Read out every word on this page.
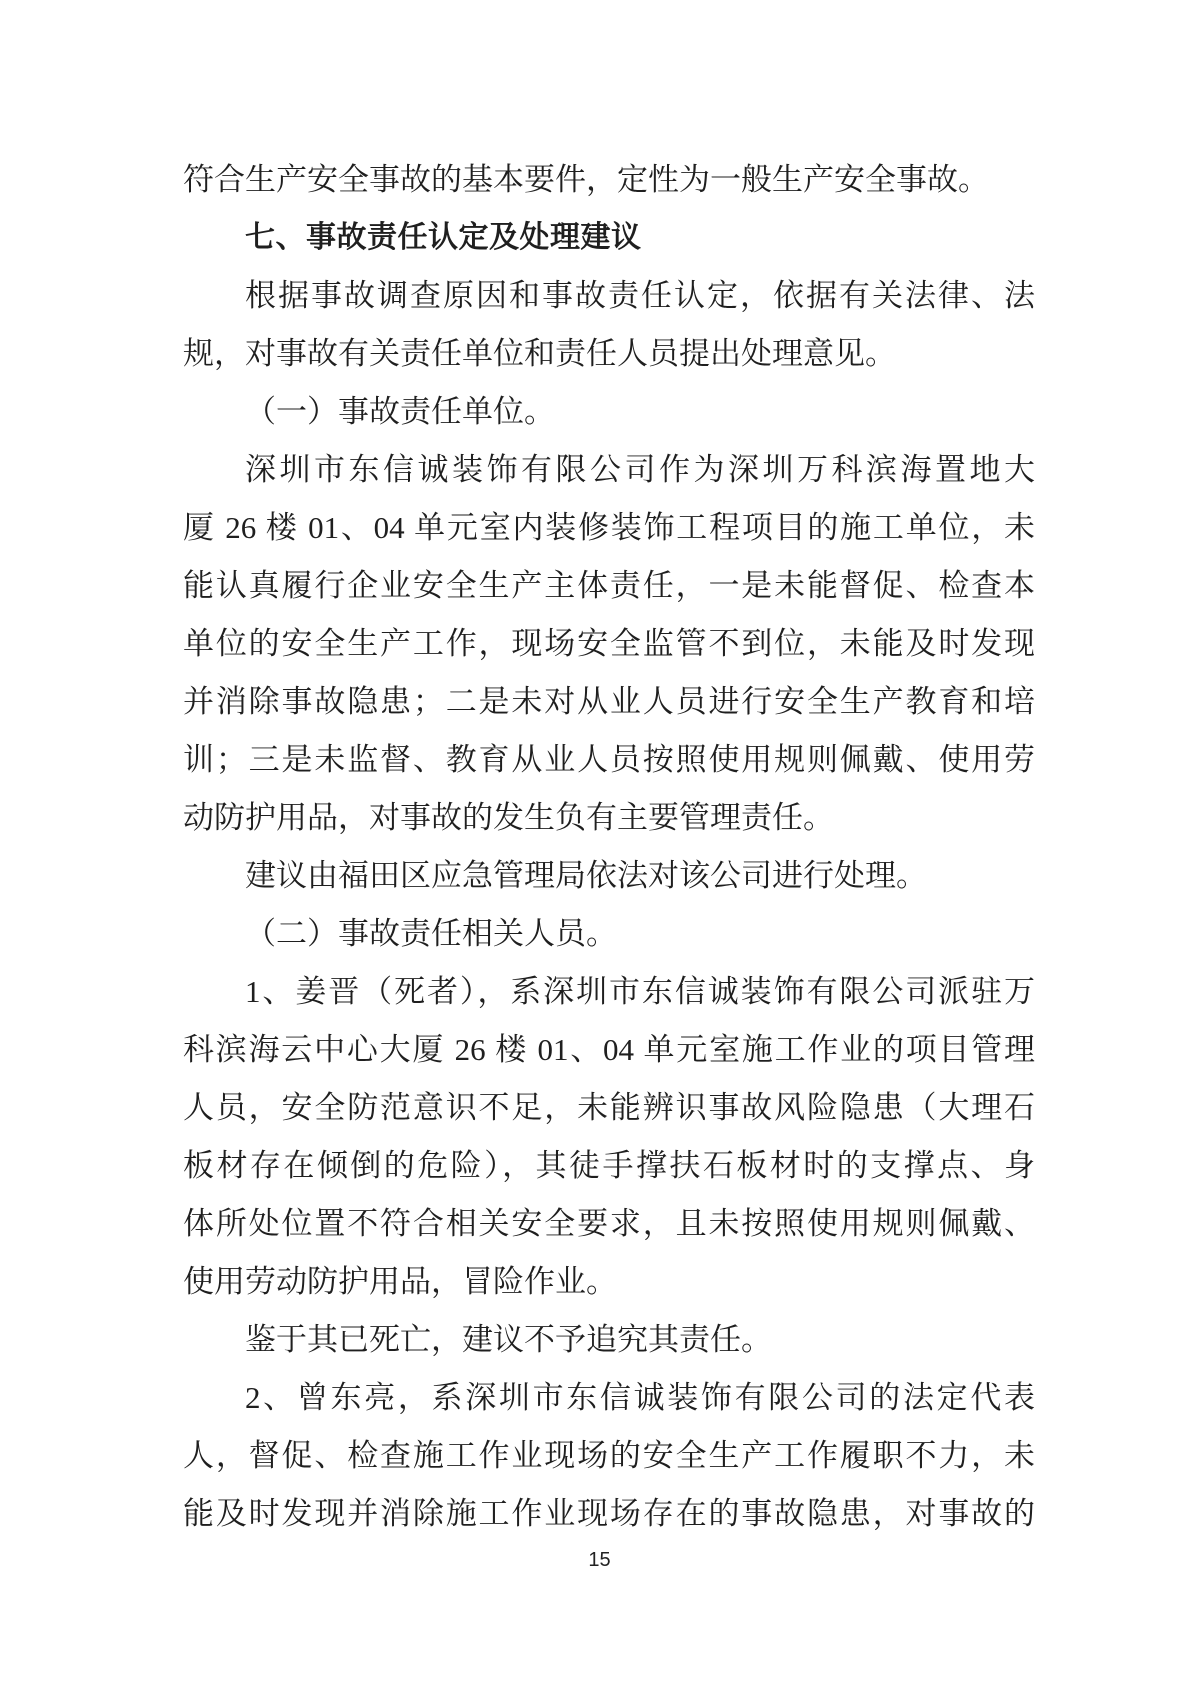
符合生产安全事故的基本要件，定性为一般生产安全事故。
七、事故责任认定及处理建议
根据事故调查原因和事故责任认定，依据有关法律、法
规，对事故有关责任单位和责任人员提出处理意见。
（一）事故责任单位。
深圳市东信诚装饰有限公司作为深圳万科滨海置地大
厦 26 楼 01、04 单元室内装修装饰工程项目的施工单位，未
能认真履行企业安全生产主体责任，一是未能督促、检查本
单位的安全生产工作，现场安全监管不到位，未能及时发现
并消除事故隐患；二是未对从业人员进行安全生产教育和培
训；三是未监督、教育从业人员按照使用规则佩戴、使用劳
动防护用品，对事故的发生负有主要管理责任。
建议由福田区应急管理局依法对该公司进行处理。
（二）事故责任相关人员。
1、姜晋（死者），系深圳市东信诚装饰有限公司派驻万
科滨海云中心大厦 26 楼 01、04 单元室施工作业的项目管理
人员，安全防范意识不足，未能辨识事故风险隐患（大理石
板材存在倾倒的危险），其徒手撑扶石板材时的支撑点、身
体所处位置不符合相关安全要求，且未按照使用规则佩戴、
使用劳动防护用品，冒险作业。
鉴于其已死亡，建议不予追究其责任。
2、曾东亮，系深圳市东信诚装饰有限公司的法定代表
人，督促、检查施工作业现场的安全生产工作履职不力，未
能及时发现并消除施工作业现场存在的事故隐患，对事故的
15
